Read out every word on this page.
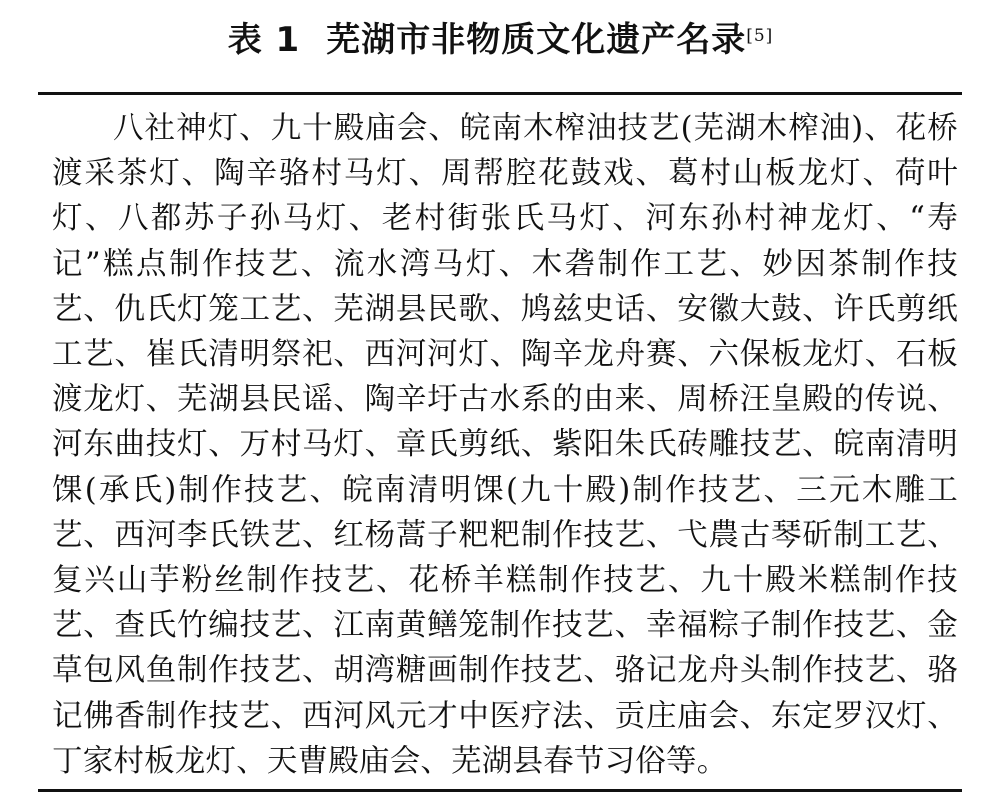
表 1 芜湖市非物质文化遗产名录[5]

八社神灯、九十殿庙会、皖南木榨油技艺(芜湖木榨油)、花桥渡采茶灯、陶辛骆村马灯、周帮腔花鼓戏、葛村山板龙灯、荷叶灯、八都苏子孙马灯、老村街张氏马灯、河东孙村神龙灯、“寿记”糕点制作技艺、流水湾马灯、木砻制作工艺、妙因茶制作技艺、仇氏灯笼工艺、芜湖县民歌、鸠兹史话、安徽大鼓、许氏剪纸工艺、崔氏清明祭祀、西河河灯、陶辛龙舟赛、六保板龙灯、石板渡龙灯、芜湖县民谣、陶辛圩古水系的由来、周桥汪皇殿的传说、河东曲技灯、万村马灯、章氏剪纸、紫阳朱氏砖雕技艺、皖南清明馃(承氏)制作技艺、皖南清明馃(九十殿)制作技艺、三元木雕工艺、西河李氏铁艺、红杨蒿子粑粑制作技艺、弋農古琴斫制工艺、复兴山芋粉丝制作技艺、花桥羊糕制作技艺、九十殿米糕制作技艺、查氏竹编技艺、江南黄鳝笼制作技艺、幸福粽子制作技艺、金草包风鱼制作技艺、胡湾糖画制作技艺、骆记龙舟头制作技艺、骆记佛香制作技艺、西河风元才中医疗法、贡庄庙会、东定罗汉灯、丁家村板龙灯、天曹殿庙会、芜湖县春节习俗等。
